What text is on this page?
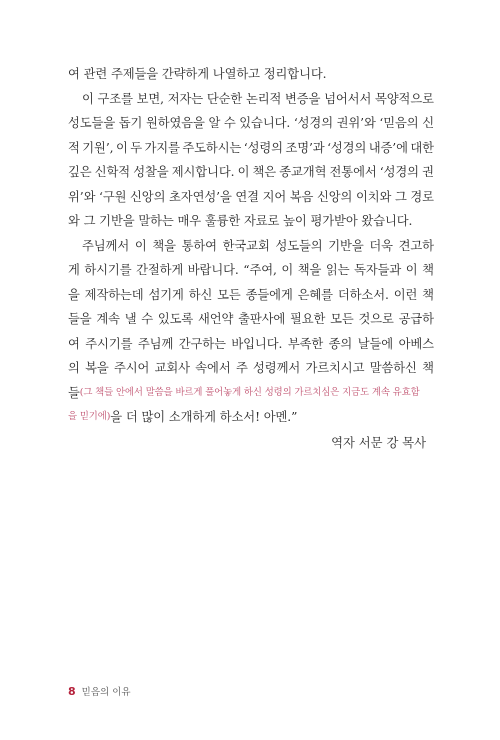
여 관련 주제들을 간략하게 나열하고 정리합니다.
이 구조를 보면, 저자는 단순한 논리적 변증을 넘어서서 목양적으로
성도들을 돕기 원하였음을 알 수 있습니다. ‘성경의 권위’와 ‘믿음의 신
적 기원’, 이 두 가지를 주도하시는 ‘성령의 조명’과 ‘성경의 내증’에 대한
깊은 신학적 성찰을 제시합니다. 이 책은 종교개혁 전통에서 ‘성경의 권
위’와 ‘구원 신앙의 초자연성’을 연결 지어 복음 신앙의 이치와 그 경로
와 그 기반을 말하는 매우 훌륭한 자료로 높이 평가받아 왔습니다.
주님께서 이 책을 통하여 한국교회 성도들의 기반을 더욱 견고하
게 하시기를 간절하게 바랍니다. “주여, 이 책을 읽는 독자들과 이 책
을 제작하는데 섬기게 하신 모든 종들에게 은혜를 더하소서. 이런 책
들을 계속 낼 수 있도록 새언약 출판사에 필요한 모든 것으로 공급하
여 주시기를 주님께 간구하는 바입니다. 부족한 종의 날들에 아베스
의 복을 주시어 교회사 속에서 주 성령께서 가르치시고 말씀하신 책
들 (그 책들 안에서 말씀을 바르게 풀어놓게 하신 성령의 가르치심은 지금도 계속 유효함
을 믿기에) 을 더 많이 소개하게 하소서! 아멘.”
역자 서문 강 목사
8 믿음의 이유
